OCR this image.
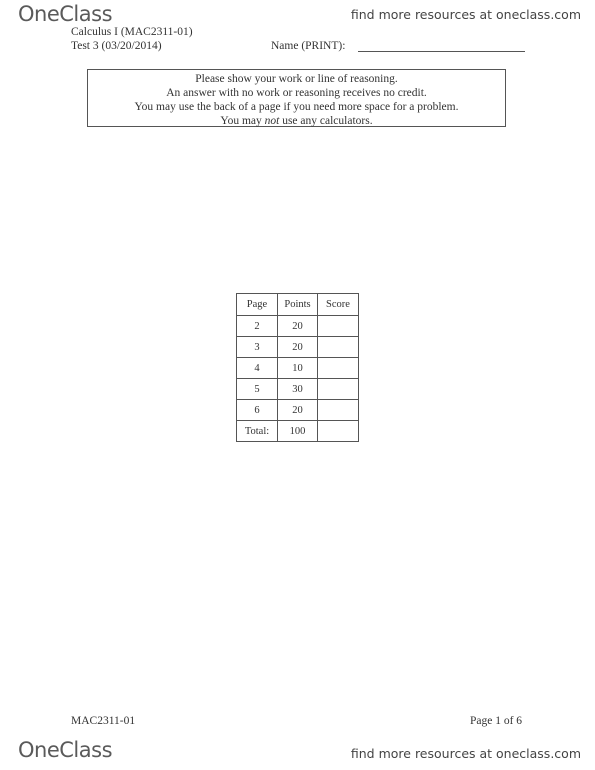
OneClass	find more resources at oneclass.com
Calculus I (MAC2311-01)
Test 3 (03/20/2014)	Name (PRINT):
Please show your work or line of reasoning.
An answer with no work or reasoning receives no credit.
You may use the back of a page if you need more space for a problem.
You may not use any calculators.
Page	Points	Score
2	20	
3	20	
4	10	
5	30	
6	20	
Total:	100	
MAC2311-01	Page 1 of 6
OneClass	find more resources at oneclass.com
